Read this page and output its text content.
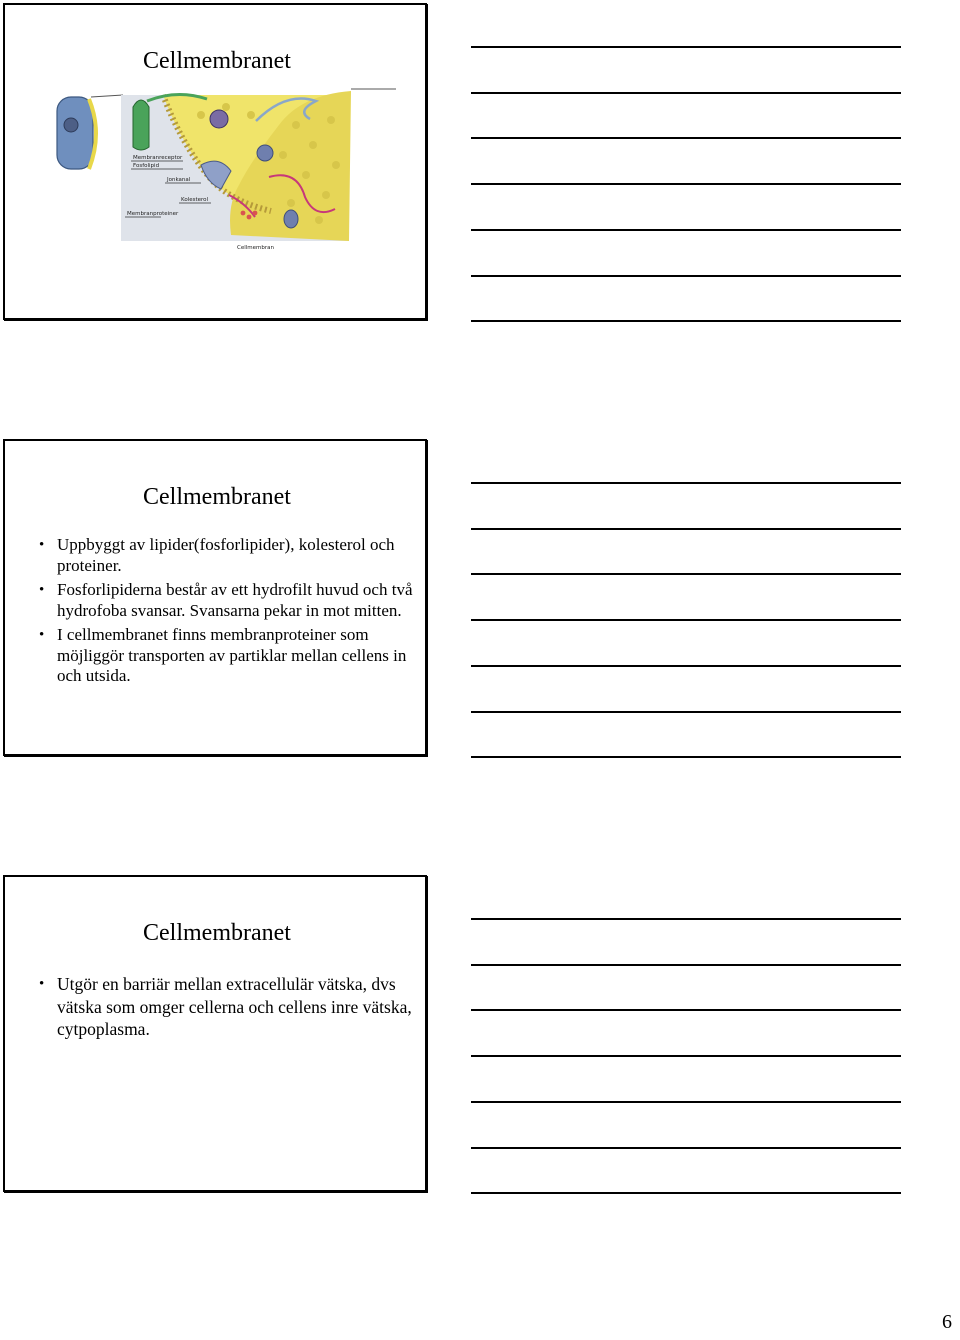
Cellmembranet
Membranreceptor
Fosfolipid
Jonkanal
Kolesterol
Membranproteiner
Cellmembran
Cellmembranet
• Uppbyggt av lipider(fosforlipider), kolesterol och proteiner.
• Fosforlipiderna består av ett hydrofilt huvud och två hydrofoba svansar. Svansarna pekar in mot mitten.
• I cellmembranet finns membranproteiner som möjliggör transporten av partiklar mellan cellens in och utsida.
Cellmembranet
• Utgör en barriär mellan extracellulär vätska, dvs vätska som omger cellerna och cellens inre vätska, cytpoplasma.
6
